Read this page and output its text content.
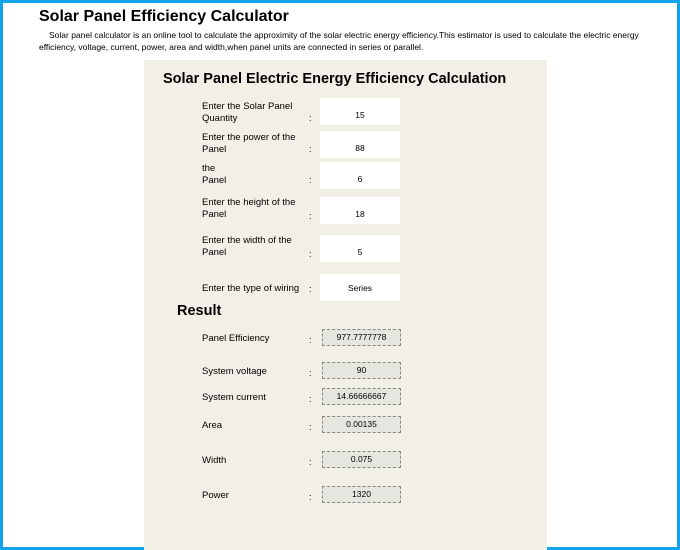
Solar Panel Efficiency Calculator
Solar panel calculator is an online tool to calculate the approximity of the solar electric energy efficiency.This estimator is used to calculate the electric energy efficiency, voltage, current, power, area and width,when panel units are connected in series or parallel.
Solar Panel Electric Energy Efficiency Calculation
Enter the Solar Panel
Quantity	:	15
Enter the power of the
Panel	:	88
the
Panel	:	6
Enter the height of the
Panel	:	18
Enter the width of the
Panel	:	5
Enter the type of wiring :	Series
Result
Panel Efficiency	:	977.7777778
System voltage	:	90
System current	:	14.66666667
Area	:	0.00135
Width	:	0.075
Power	:	1320
